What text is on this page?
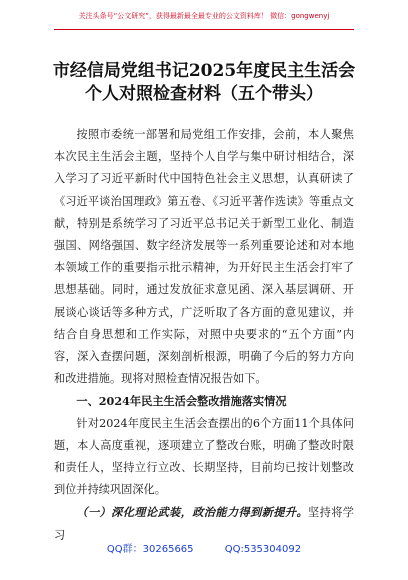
关注头条号“公文研究”，获得最新最全最专业的公文资料库！ 微信：gongwenyj
市经信局党组书记2025年度民主生活会
个人对照检查材料（五个带头）

按照市委统一部署和局党组工作安排，会前，本人聚焦本次民主生活会主题，坚持个人自学与集中研讨相结合，深入学习了习近平新时代中国特色社会主义思想，认真研读了《习近平谈治国理政》第五卷、《习近平著作选读》等重点文献，特别是系统学习了习近平总书记关于新型工业化、制造强国、网络强国、数字经济发展等一系列重要论述和对本地本领域工作的重要指示批示精神，为开好民主生活会打牢了思想基础。同时，通过发放征求意见函、深入基层调研、开展谈心谈话等多种方式，广泛听取了各方面的意见建议，并结合自身思想和工作实际，对照中央要求的“五个方面”内容，深入查摆问题，深刻剖析根源，明确了今后的努力方向和改进措施。现将对照检查情况报告如下。

一、2024年民主生活会整改措施落实情况

针对2024年度民主生活会查摆出的6个方面11个具体问题，本人高度重视，逐项建立了整改台账，明确了整改时限和责任人，坚持立行立改、长期坚持，目前均已按计划整改到位并持续巩固深化。

（一）深化理论武装，政治能力得到新提升。坚持将学习

QQ群：30265665	QQ:535304092
